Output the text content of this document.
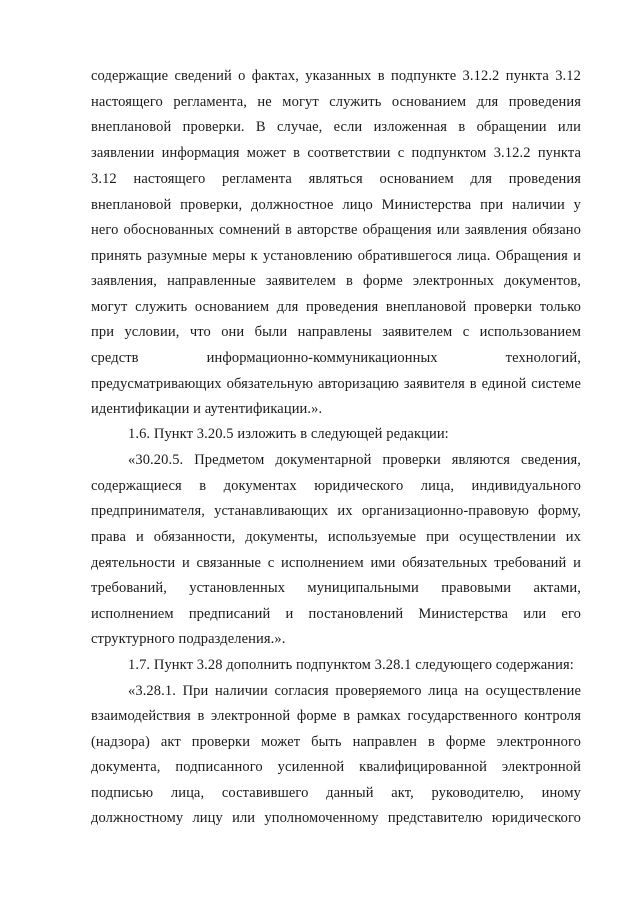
содержащие сведений о фактах, указанных в подпункте 3.12.2 пункта 3.12
настоящего регламента, не могут служить основанием для проведения
внеплановой проверки. В случае, если изложенная в обращении или
заявлении информация может в соответствии с подпунктом 3.12.2 пункта
3.12 настоящего регламента являться основанием для проведения
внеплановой проверки, должностное лицо Министерства при наличии у
него обоснованных сомнений в авторстве обращения или заявления обязано
принять разумные меры к установлению обратившегося лица. Обращения и
заявления, направленные заявителем в форме электронных документов,
могут служить основанием для проведения внеплановой проверки только
при условии, что они были направлены заявителем с использованием
средств информационно-коммуникационных технологий,
предусматривающих обязательную авторизацию заявителя в единой системе
идентификации и аутентификации.».
1.6. Пункт 3.20.5 изложить в следующей редакции:
«30.20.5. Предметом документарной проверки являются сведения,
содержащиеся в документах юридического лица, индивидуального
предпринимателя, устанавливающих их организационно-правовую форму,
права и обязанности, документы, используемые при осуществлении их
деятельности и связанные с исполнением ими обязательных требований и
требований, установленных муниципальными правовыми актами,
исполнением предписаний и постановлений Министерства или его
структурного подразделения.».
1.7. Пункт 3.28 дополнить подпунктом 3.28.1 следующего содержания:
«3.28.1. При наличии согласия проверяемого лица на осуществление
взаимодействия в электронной форме в рамках государственного контроля
(надзора) акт проверки может быть направлен в форме электронного
документа, подписанного усиленной квалифицированной электронной
подписью лица, составившего данный акт, руководителю, иному
должностному лицу или уполномоченному представителю юридического
